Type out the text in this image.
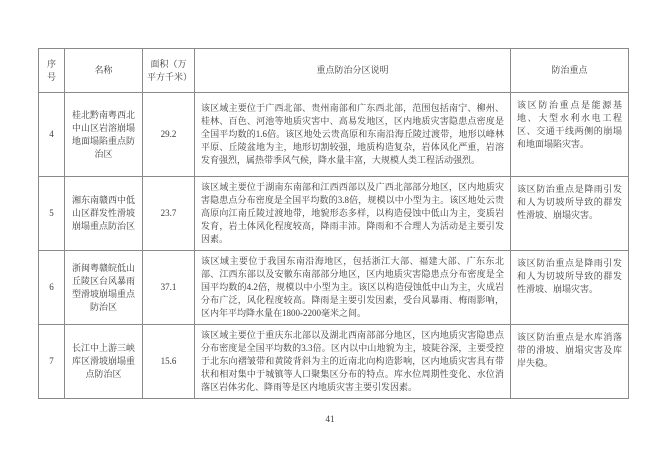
序号	名称	面积（万平方千米）	重点防治分区说明	防治重点
4	桂北黔南粤西北中山区岩溶崩塌地面塌陷重点防治区	29.2	该区域主要位于广西北部、贵州南部和广东西北部，范围包括南宁、柳州、桂林、百色、河池等地质灾害中、高易发地区，区内地质灾害隐患点密度是全国平均数的1.6倍。该区地处云贵高原和东南沿海丘陵过渡带，地形以峰林平原、丘陵盆地为主，地形切割较强，地质构造复杂，岩体风化严重，岩溶发育强烈，属热带季风气候，降水量丰富，大规模人类工程活动强烈。	该区防治重点是能源基地、大型水利水电工程区、交通干线两侧的崩塌和地面塌陷灾害。
5	湘东南赣西中低山区群发性滑坡崩塌重点防治区	23.7	该区域主要位于湖南东南部和江西西部以及广西北部部分地区，区内地质灾害隐患点分布密度是全国平均数的3.8倍，规模以中小型为主。该区地处云贵高原向江南丘陵过渡地带，地貌形态多样，以构造侵蚀中低山为主，变质岩发育，岩土体风化程度较高，降雨丰沛。降雨和不合理人为活动是主要引发因素。	该区防治重点是降雨引发和人为切坡所导致的群发性滑坡、崩塌灾害。
6	浙闽粤赣皖低山丘陵区台风暴雨型滑坡崩塌重点防治区	37.1	该区域主要位于我国东南沿海地区，包括浙江大部、福建大部、广东东北部、江西东部以及安徽东南部部分地区，区内地质灾害隐患点分布密度是全国平均数的4.2倍，规模以中小型为主。该区以构造侵蚀低中山为主，火成岩分布广泛，风化程度较高。降雨是主要引发因素，受台风暴雨、梅雨影响，区内年平均降水量在1800-2200毫米之间。	该区防治重点是降雨引发和人为切坡所导致的群发性滑坡、崩塌灾害。
7	长江中上游三峡库区滑坡崩塌重点防治区	15.6	该区域主要位于重庆东北部以及湖北西南部部分地区，区内地质灾害隐患点分布密度是全国平均数的3.3倍。区内以中山地貌为主，坡陡谷深，主要受控于北东向褶皱带和黄陵背斜为主的近南北向构造影响，区内地质灾害具有带状和相对集中于城镇等人口聚集区分布的特点。库水位周期性变化、水位消落区岩体劣化、降雨等是区内地质灾害主要引发因素。	该区防治重点是水库消落带的滑坡、崩塌灾害及库岸失稳。
41
